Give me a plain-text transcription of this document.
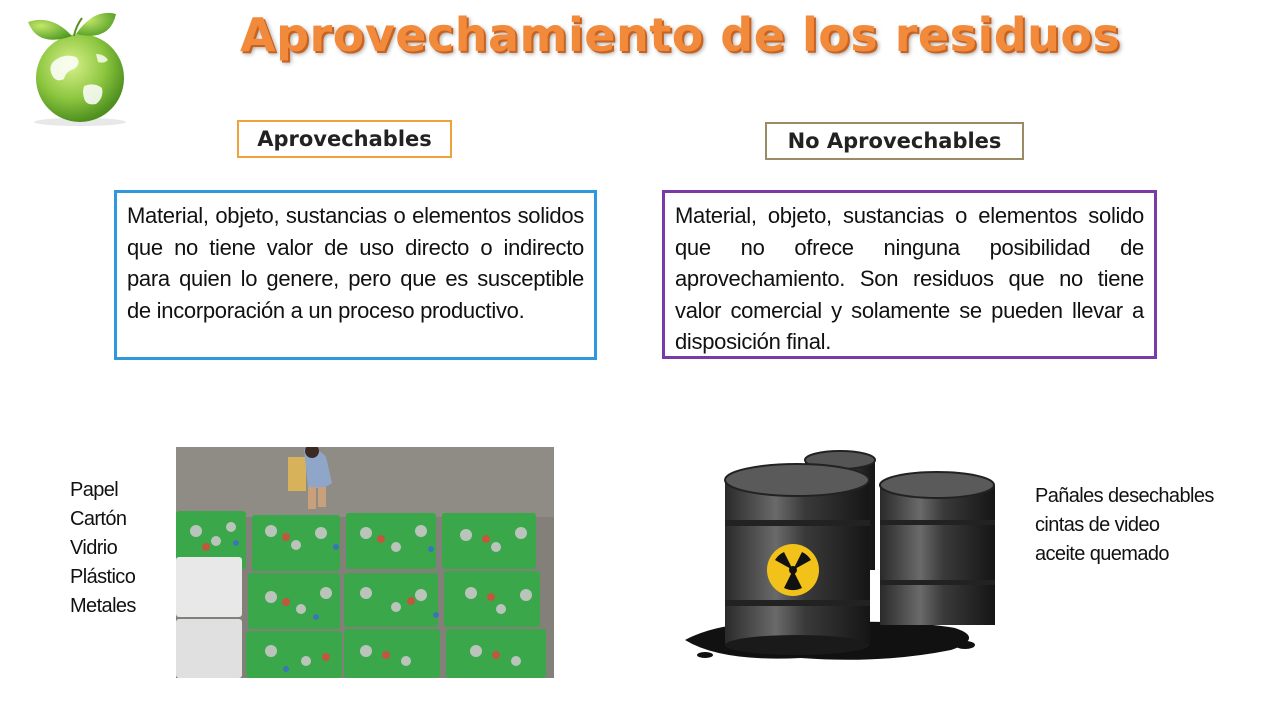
Aprovechamiento de los residuos
Aprovechables	No Aprovechables
Material, objeto, sustancias o elementos solidos que no tiene valor de uso directo o indirecto para quien lo genere, pero que es susceptible de incorporación a un proceso productivo.
Material, objeto, sustancias o elementos solido que no ofrece ninguna posibilidad de aprovechamiento. Son residuos que no tiene valor comercial y solamente se pueden llevar a disposición final.
Papel
Cartón
Vidrio
Plástico
Metales
Pañales desechables
cintas de video
aceite quemado
